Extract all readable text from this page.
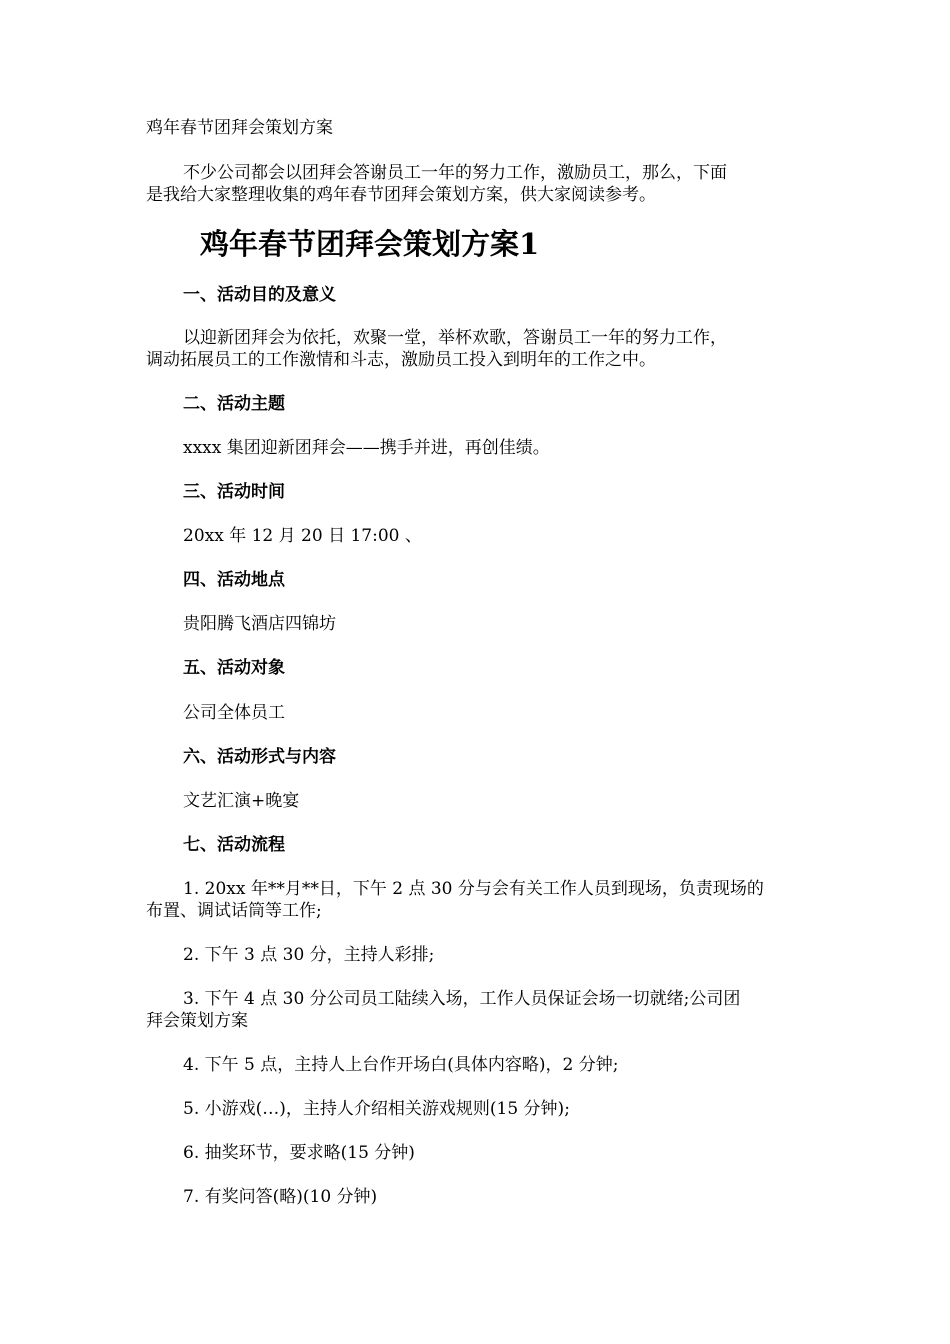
鸡年春节团拜会策划方案

不少公司都会以团拜会答谢员工一年的努力工作，激励员工，那么，下面

是我给大家整理收集的鸡年春节团拜会策划方案，供大家阅读参考。

鸡年春节团拜会策划方案1

一、活动目的及意义

以迎新团拜会为依托，欢聚一堂，举杯欢歌，答谢员工一年的努力工作，

调动拓展员工的工作激情和斗志，激励员工投入到明年的工作之中。

二、活动主题

xxxx 集团迎新团拜会——携手并进，再创佳绩。

三、活动时间

20xx 年 12 月 20 日 17:00 、

四、活动地点

贵阳腾飞酒店四锦坊

五、活动对象

公司全体员工

六、活动形式与内容

文艺汇演+晚宴

七、活动流程

1. 20xx 年**月**日，下午 2 点 30 分与会有关工作人员到现场，负责现场的

布置、调试话筒等工作;

2. 下午 3 点 30 分，主持人彩排;

3. 下午 4 点 30 分公司员工陆续入场，工作人员保证会场一切就绪;公司团

拜会策划方案

4. 下午 5 点，主持人上台作开场白(具体内容略)，2 分钟;

5. 小游戏(…)，主持人介绍相关游戏规则(15 分钟);

6. 抽奖环节，要求略(15 分钟)

7. 有奖问答(略)(10 分钟)
